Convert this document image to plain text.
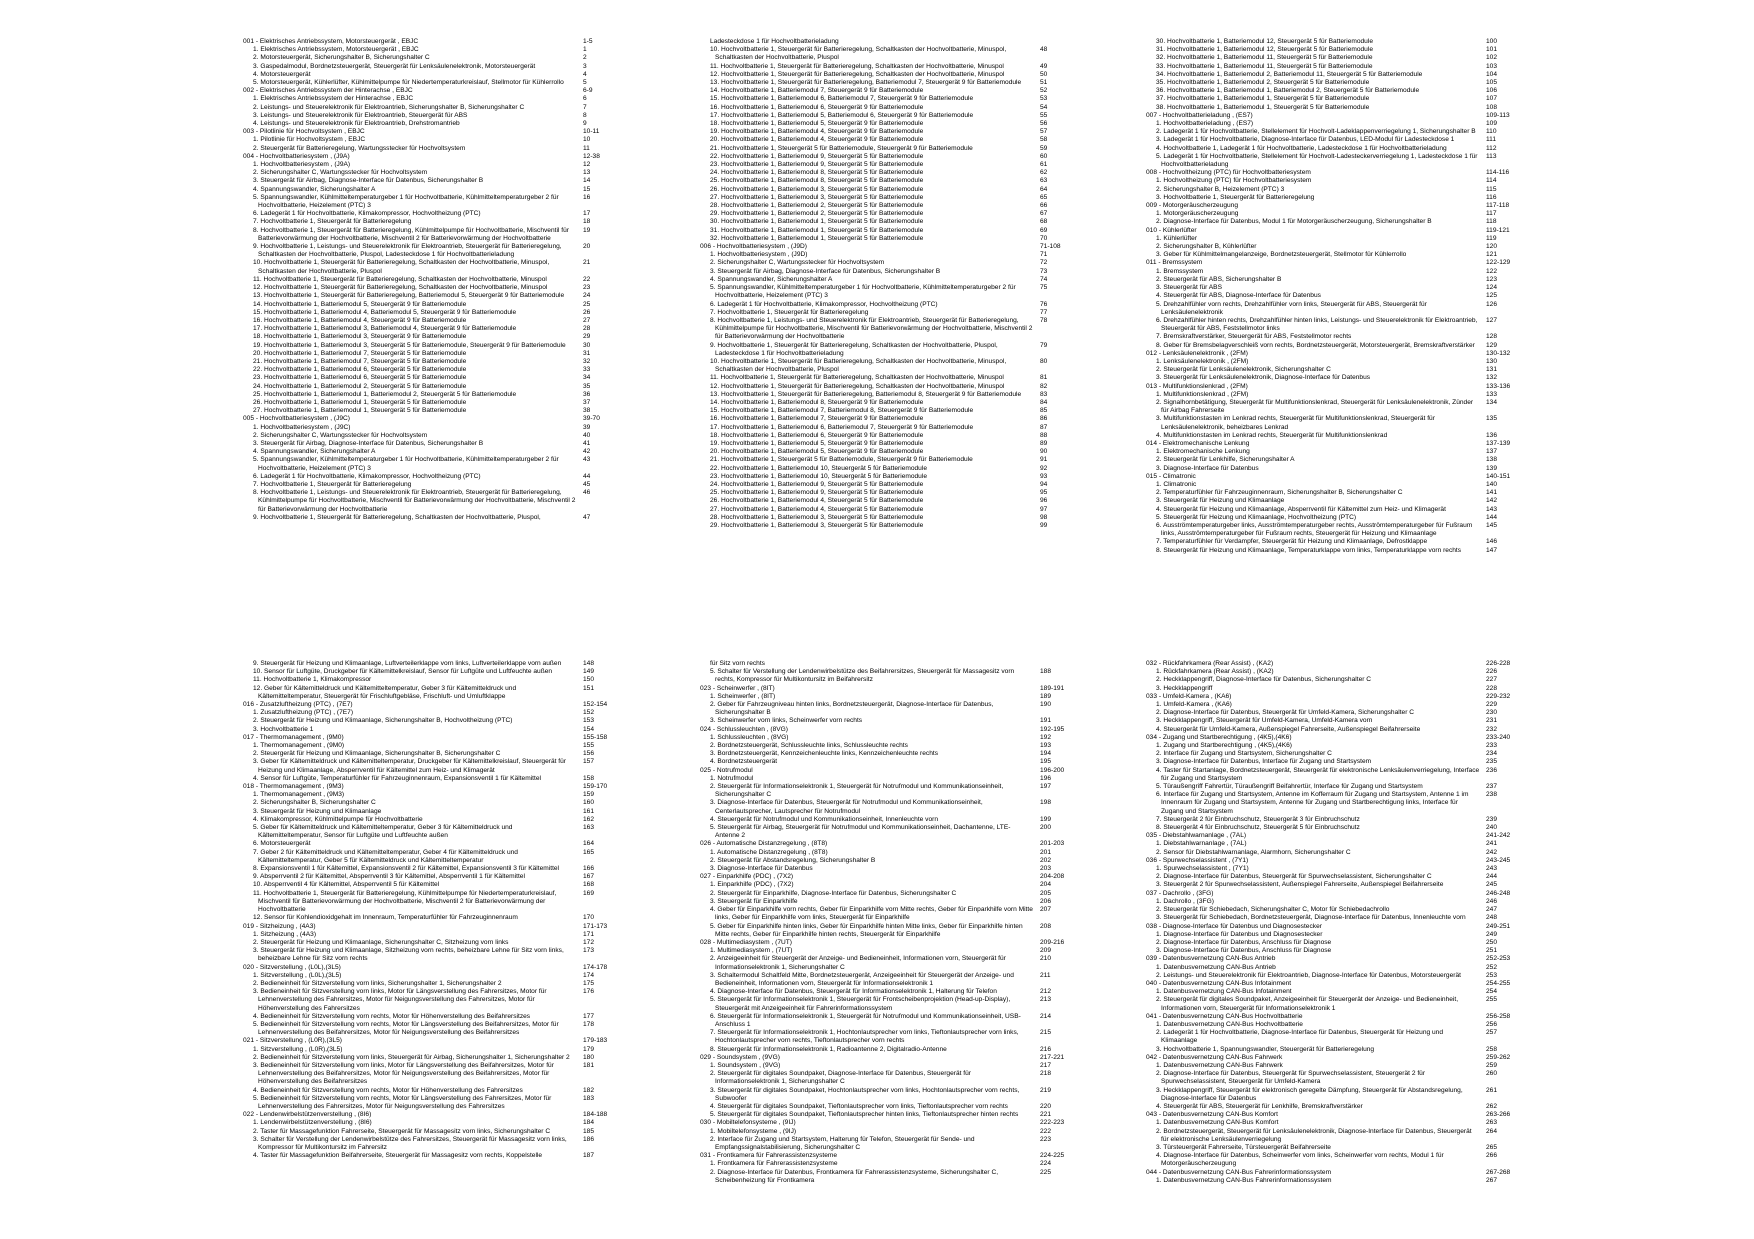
001 - Elektrisches Antriebssystem, Motorsteuergerät , EBJC	1-5
1. Elektrisches Antriebssystem, Motorsteuergerät , EBJC	1
2. Motorsteuergerät, Sicherungshalter B, Sicherungshalter C	2
3. Gaspedalmodul, Bordnetzsteuergerät, Steuergerät für Lenksäulenelektronik, Motorsteuergerät	3
4. Motorsteuergerät	4
5. Motorsteuergerät, Kühlerlüfter, Kühlmittelpumpe für Niedertemperaturkreislauf, Stellmotor für Kühlerrollo	5
002 - Elektrisches Antriebssystem der Hinterachse , EBJC	6-9
1. Elektrisches Antriebssystem der Hinterachse , EBJC	6
2. Leistungs- und Steuerelektronik für Elektroantrieb, Sicherungshalter B, Sicherungshalter C	7
3. Leistungs- und Steuerelektronik für Elektroantrieb, Steuergerät für ABS	8
4. Leistungs- und Steuerelektronik für Elektroantrieb, Drehstromantrieb	9
003 - Pilotlinie für Hochvoltsystem , EBJC	10-11
1. Pilotlinie für Hochvoltsystem , EBJC	10
2. Steuergerät für Batterieregelung, Wartungsstecker für Hochvoltsystem	11
004 - Hochvoltbatteriesystem , (J9A)	12-38
1. Hochvoltbatteriesystem , (J9A)	12
2. Sicherungshalter C, Wartungsstecker für Hochvoltsystem	13
3. Steuergerät für Airbag, Diagnose-Interface für Datenbus, Sicherungshalter B	14
4. Spannungswandler, Sicherungshalter A	15
5. Spannungswandler, Kühlmitteltemperaturgeber 1 für Hochvoltbatterie, Kühlmitteltemperaturgeber 2 für Hochvoltbatterie, Heizelement (PTC) 3
16
6. Ladegerät 1 für Hochvoltbatterie, Klimakompressor, Hochvoltheizung (PTC)	17
7. Hochvoltbatterie 1, Steuergerät für Batterieregelung	18
8. Hochvoltbatterie 1, Steuergerät für Batterieregelung, Kühlmittelpumpe für Hochvoltbatterie, Mischventil für Batterievorwärmung der Hochvoltbatterie, Mischventil 2 für Batterievorwärmung der Hochvoltbatterie
19
9. Hochvoltbatterie 1, Leistungs- und Steuerelektronik für Elektroantrieb, Steuergerät für Batterieregelung, Schaltkasten der Hochvoltbatterie, Pluspol, Ladesteckdose 1 für Hochvoltbatterieladung
20
10. Hochvoltbatterie 1, Steuergerät für Batterieregelung, Schaltkasten der Hochvoltbatterie, Minuspol, Schaltkasten der Hochvoltbatterie, Pluspol
21
11. Hochvoltbatterie 1, Steuergerät für Batterieregelung, Schaltkasten der Hochvoltbatterie, Minuspol	22
12. Hochvoltbatterie 1, Steuergerät für Batterieregelung, Schaltkasten der Hochvoltbatterie, Minuspol	23
13. Hochvoltbatterie 1, Steuergerät für Batterieregelung, Batteriemodul 5, Steuergerät 9 für Batteriemodule	24
14. Hochvoltbatterie 1, Batteriemodul 5, Steuergerät 9 für Batteriemodule	25
15. Hochvoltbatterie 1, Batteriemodul 4, Batteriemodul 5, Steuergerät 9 für Batteriemodule	26
16. Hochvoltbatterie 1, Batteriemodul 4, Steuergerät 9 für Batteriemodule	27
17. Hochvoltbatterie 1, Batteriemodul 3, Batteriemodul 4, Steuergerät 9 für Batteriemodule	28
18. Hochvoltbatterie 1, Batteriemodul 3, Steuergerät 9 für Batteriemodule	29
19. Hochvoltbatterie 1, Batteriemodul 3, Steuergerät 5 für Batteriemodule, Steuergerät 9 für Batteriemodule	30
20. Hochvoltbatterie 1, Batteriemodul 7, Steuergerät 5 für Batteriemodule	31
21. Hochvoltbatterie 1, Batteriemodul 7, Steuergerät 5 für Batteriemodule	32
22. Hochvoltbatterie 1, Batteriemodul 6, Steuergerät 5 für Batteriemodule	33
23. Hochvoltbatterie 1, Batteriemodul 6, Steuergerät 5 für Batteriemodule	34
24. Hochvoltbatterie 1, Batteriemodul 2, Steuergerät 5 für Batteriemodule	35
25. Hochvoltbatterie 1, Batteriemodul 1, Batteriemodul 2, Steuergerät 5 für Batteriemodule	36
26. Hochvoltbatterie 1, Batteriemodul 1, Steuergerät 5 für Batteriemodule	37
27. Hochvoltbatterie 1, Batteriemodul 1, Steuergerät 5 für Batteriemodule	38
005 - Hochvoltbatteriesystem , (J9C)	39-70
1. Hochvoltbatteriesystem , (J9C)	39
2. Sicherungshalter C, Wartungsstecker für Hochvoltsystem	40
3. Steuergerät für Airbag, Diagnose-Interface für Datenbus, Sicherungshalter B	41
4. Spannungswandler, Sicherungshalter A	42
5. Spannungswandler, Kühlmitteltemperaturgeber 1 für Hochvoltbatterie, Kühlmitteltemperaturgeber 2 für Hochvoltbatterie, Heizelement (PTC) 3
43
6. Ladegerät 1 für Hochvoltbatterie, Klimakompressor, Hochvoltheizung (PTC)	44
7. Hochvoltbatterie 1, Steuergerät für Batterieregelung	45
8. Hochvoltbatterie 1, Leistungs- und Steuerelektronik für Elektroantrieb, Steuergerät für Batterieregelung, Kühlmittelpumpe für Hochvoltbatterie, Mischventil für Batterievorwärmung der Hochvoltbatterie, Mischventil 2 für Batterievorwärmung der Hochvoltbatterie
46
9. Hochvoltbatterie 1, Steuergerät für Batterieregelung, Schaltkasten der Hochvoltbatterie, Pluspol,	47
Ladesteckdose 1 für Hochvoltbatterieladung
10. Hochvoltbatterie 1, Steuergerät für Batterieregelung, Schaltkasten der Hochvoltbatterie, Minuspol, Schaltkasten der Hochvoltbatterie, Pluspol
48
11. Hochvoltbatterie 1, Steuergerät für Batterieregelung, Schaltkasten der Hochvoltbatterie, Minuspol	49
12. Hochvoltbatterie 1, Steuergerät für Batterieregelung, Schaltkasten der Hochvoltbatterie, Minuspol	50
13. Hochvoltbatterie 1, Steuergerät für Batterieregelung, Batteriemodul 7, Steuergerät 9 für Batteriemodule	51
14. Hochvoltbatterie 1, Batteriemodul 7, Steuergerät 9 für Batteriemodule	52
15. Hochvoltbatterie 1, Batteriemodul 6, Batteriemodul 7, Steuergerät 9 für Batteriemodule	53
16. Hochvoltbatterie 1, Batteriemodul 6, Steuergerät 9 für Batteriemodule	54
17. Hochvoltbatterie 1, Batteriemodul 5, Batteriemodul 6, Steuergerät 9 für Batteriemodule	55
18. Hochvoltbatterie 1, Batteriemodul 5, Steuergerät 9 für Batteriemodule	56
19. Hochvoltbatterie 1, Batteriemodul 4, Steuergerät 9 für Batteriemodule	57
20. Hochvoltbatterie 1, Batteriemodul 4, Steuergerät 9 für Batteriemodule	58
21. Hochvoltbatterie 1, Steuergerät 5 für Batteriemodule, Steuergerät 9 für Batteriemodule	59
22. Hochvoltbatterie 1, Batteriemodul 9, Steuergerät 5 für Batteriemodule	60
23. Hochvoltbatterie 1, Batteriemodul 9, Steuergerät 5 für Batteriemodule	61
24. Hochvoltbatterie 1, Batteriemodul 8, Steuergerät 5 für Batteriemodule	62
25. Hochvoltbatterie 1, Batteriemodul 8, Steuergerät 5 für Batteriemodule	63
26. Hochvoltbatterie 1, Batteriemodul 3, Steuergerät 5 für Batteriemodule	64
27. Hochvoltbatterie 1, Batteriemodul 3, Steuergerät 5 für Batteriemodule	65
28. Hochvoltbatterie 1, Batteriemodul 2, Steuergerät 5 für Batteriemodule	66
29. Hochvoltbatterie 1, Batteriemodul 2, Steuergerät 5 für Batteriemodule	67
30. Hochvoltbatterie 1, Batteriemodul 1, Steuergerät 5 für Batteriemodule	68
31. Hochvoltbatterie 1, Batteriemodul 1, Steuergerät 5 für Batteriemodule	69
32. Hochvoltbatterie 1, Batteriemodul 1, Steuergerät 5 für Batteriemodule	70
006 - Hochvoltbatteriesystem , (J9D)	71-108
1. Hochvoltbatteriesystem , (J9D)	71
2. Sicherungshalter C, Wartungsstecker für Hochvoltsystem	72
3. Steuergerät für Airbag, Diagnose-Interface für Datenbus, Sicherungshalter B	73
4. Spannungswandler, Sicherungshalter A	74
5. Spannungswandler, Kühlmitteltemperaturgeber 1 für Hochvoltbatterie, Kühlmitteltemperaturgeber 2 für Hochvoltbatterie, Heizelement (PTC) 3
75
6. Ladegerät 1 für Hochvoltbatterie, Klimakompressor, Hochvoltheizung (PTC)	76
7. Hochvoltbatterie 1, Steuergerät für Batterieregelung	77
8. Hochvoltbatterie 1, Leistungs- und Steuerelektronik für Elektroantrieb, Steuergerät für Batterieregelung, Kühlmittelpumpe für Hochvoltbatterie, Mischventil für Batterievorwärmung der Hochvoltbatterie, Mischventil 2 für Batterievorwärmung der Hochvoltbatterie
78
9. Hochvoltbatterie 1, Steuergerät für Batterieregelung, Schaltkasten der Hochvoltbatterie, Pluspol, Ladesteckdose 1 für Hochvoltbatterieladung
79
10. Hochvoltbatterie 1, Steuergerät für Batterieregelung, Schaltkasten der Hochvoltbatterie, Minuspol, Schaltkasten der Hochvoltbatterie, Pluspol
80
11. Hochvoltbatterie 1, Steuergerät für Batterieregelung, Schaltkasten der Hochvoltbatterie, Minuspol	81
12. Hochvoltbatterie 1, Steuergerät für Batterieregelung, Schaltkasten der Hochvoltbatterie, Minuspol	82
13. Hochvoltbatterie 1, Steuergerät für Batterieregelung, Batteriemodul 8, Steuergerät 9 für Batteriemodule	83
14. Hochvoltbatterie 1, Batteriemodul 8, Steuergerät 9 für Batteriemodule	84
15. Hochvoltbatterie 1, Batteriemodul 7, Batteriemodul 8, Steuergerät 9 für Batteriemodule	85
16. Hochvoltbatterie 1, Batteriemodul 7, Steuergerät 9 für Batteriemodule	86
17. Hochvoltbatterie 1, Batteriemodul 6, Batteriemodul 7, Steuergerät 9 für Batteriemodule	87
18. Hochvoltbatterie 1, Batteriemodul 6, Steuergerät 9 für Batteriemodule	88
19. Hochvoltbatterie 1, Batteriemodul 5, Steuergerät 9 für Batteriemodule	89
20. Hochvoltbatterie 1, Batteriemodul 5, Steuergerät 9 für Batteriemodule	90
21. Hochvoltbatterie 1, Steuergerät 5 für Batteriemodule, Steuergerät 9 für Batteriemodule	91
22. Hochvoltbatterie 1, Batteriemodul 10, Steuergerät 5 für Batteriemodule	92
23. Hochvoltbatterie 1, Batteriemodul 10, Steuergerät 5 für Batteriemodule	93
24. Hochvoltbatterie 1, Batteriemodul 9, Steuergerät 5 für Batteriemodule	94
25. Hochvoltbatterie 1, Batteriemodul 9, Steuergerät 5 für Batteriemodule	95
26. Hochvoltbatterie 1, Batteriemodul 4, Steuergerät 5 für Batteriemodule	96
27. Hochvoltbatterie 1, Batteriemodul 4, Steuergerät 5 für Batteriemodule	97
28. Hochvoltbatterie 1, Batteriemodul 3, Steuergerät 5 für Batteriemodule	98
29. Hochvoltbatterie 1, Batteriemodul 3, Steuergerät 5 für Batteriemodule	99
30. Hochvoltbatterie 1, Batteriemodul 12, Steuergerät 5 für Batteriemodule	100
31. Hochvoltbatterie 1, Batteriemodul 12, Steuergerät 5 für Batteriemodule	101
32. Hochvoltbatterie 1, Batteriemodul 11, Steuergerät 5 für Batteriemodule	102
33. Hochvoltbatterie 1, Batteriemodul 11, Steuergerät 5 für Batteriemodule	103
34. Hochvoltbatterie 1, Batteriemodul 2, Batteriemodul 11, Steuergerät 5 für Batteriemodule	104
35. Hochvoltbatterie 1, Batteriemodul 2, Steuergerät 5 für Batteriemodule	105
36. Hochvoltbatterie 1, Batteriemodul 1, Batteriemodul 2, Steuergerät 5 für Batteriemodule	106
37. Hochvoltbatterie 1, Batteriemodul 1, Steuergerät 5 für Batteriemodule	107
38. Hochvoltbatterie 1, Batteriemodul 1, Steuergerät 5 für Batteriemodule	108
007 - Hochvoltbatterieladung , (ES7)	109-113
1. Hochvoltbatterieladung , (ES7)	109
2. Ladegerät 1 für Hochvoltbatterie, Stellelement für Hochvolt-Ladeklappenverriegelung 1, Sicherungshalter B	110
3. Ladegerät 1 für Hochvoltbatterie, Diagnose-Interface für Datenbus, LED-Modul für Ladesteckdose 1	111
4. Hochvoltbatterie 1, Ladegerät 1 für Hochvoltbatterie, Ladesteckdose 1 für Hochvoltbatterieladung	112
5. Ladegerät 1 für Hochvoltbatterie, Stellelement für Hochvolt-Ladesteckerverriegelung 1, Ladesteckdose 1 für Hochvoltbatterieladung
113
008 - Hochvoltheizung (PTC) für Hochvoltbatteriesystem	114-116
1. Hochvoltheizung (PTC) für Hochvoltbatteriesystem	114
2. Sicherungshalter B, Heizelement (PTC) 3	115
3. Hochvoltbatterie 1, Steuergerät für Batterieregelung	116
009 - Motorgeräuscherzeugung	117-118
1. Motorgeräuscherzeugung	117
2. Diagnose-Interface für Datenbus, Modul 1 für Motorgeräuscherzeugung, Sicherungshalter B	118
010 - Kühlerlüfter	119-121
1. Kühlerlüfter	119
2. Sicherungshalter B, Kühlerlüfter	120
3. Geber für Kühlmittelmangelanzeige, Bordnetzsteuergerät, Stellmotor für Kühlerrollo	121
011 - Bremssystem	122-129
1. Bremssystem	122
2. Steuergerät für ABS, Sicherungshalter B	123
3. Steuergerät für ABS	124
4. Steuergerät für ABS, Diagnose-Interface für Datenbus	125
5. Drehzahlfühler vorn rechts, Drehzahlfühler vorn links, Steuergerät für ABS, Steuergerät für Lenksäulenelektronik
126
6. Drehzahlfühler hinten rechts, Drehzahlfühler hinten links, Leistungs- und Steuerelektronik für Elektroantrieb, Steuergerät für ABS, Feststellmotor links
127
7. Bremskraftverstärker, Steuergerät für ABS, Feststellmotor rechts	128
8. Geber für Bremsbelagverschleiß vorn rechts, Bordnetzsteuergerät, Motorsteuergerät, Bremskraftverstärker	129
012 - Lenksäulenelektronik , (2FM)	130-132
1. Lenksäulenelektronik , (2FM)	130
2. Steuergerät für Lenksäulenelektronik, Sicherungshalter C	131
3. Steuergerät für Lenksäulenelektronik, Diagnose-Interface für Datenbus	132
013 - Multifunktionslenkrad , (2FM)	133-136
1. Multifunktionslenkrad , (2FM)	133
2. Signalhornbetätigung, Steuergerät für Multifunktionslenkrad, Steuergerät für Lenksäulenelektronik, Zünder für Airbag Fahrerseite
134
3. Multifunktionstasten im Lenkrad rechts, Steuergerät für Multifunktionslenkrad, Steuergerät für Lenksäulenelektronik, beheizbares Lenkrad
135
4. Multifunktionstasten im Lenkrad rechts, Steuergerät für Multifunktionslenkrad	136
014 - Elektromechanische Lenkung	137-139
1. Elektromechanische Lenkung	137
2. Steuergerät für Lenkhilfe, Sicherungshalter A	138
3. Diagnose-Interface für Datenbus	139
015 - Climatronic	140-151
1. Climatronic	140
2. Temperaturfühler für Fahrzeuginnenraum, Sicherungshalter B, Sicherungshalter C	141
3. Steuergerät für Heizung und Klimaanlage	142
4. Steuergerät für Heizung und Klimaanlage, Absperrventil für Kältemittel zum Heiz- und Klimagerät	143
5. Steuergerät für Heizung und Klimaanlage, Hochvoltheizung (PTC)	144
6. Ausströmtemperaturgeber links, Ausströmtemperaturgeber rechts, Ausströmtemperaturgeber für Fußraum links, Ausströmtemperaturgeber für Fußraum rechts, Steuergerät für Heizung und Klimaanlage
145
7. Temperaturfühler für Verdampfer, Steuergerät für Heizung und Klimaanlage, Defrostklappe	146
8. Steuergerät für Heizung und Klimaanlage, Temperaturklappe vorn links, Temperaturklappe vorn rechts	147
9. Steuergerät für Heizung und Klimaanlage, Luftverteilerklappe vorn links, Luftverteilerklappe vorn außen	148
10. Sensor für Luftgüte, Druckgeber für Kältemittelkreislauf, Sensor für Luftgüte und Luftfeuchte außen	149
11. Hochvoltbatterie 1, Klimakompressor	150
12. Geber für Kältemitteldruck und Kältemitteltemperatur, Geber 3 für Kältemitteldruck und Kältemitteltemperatur, Steuergerät für Frischluftgebläse, Frischluft- und Umluftklappe
151
016 - Zusatzluftheizung (PTC) , (7E7)	152-154
1. Zusatzluftheizung (PTC) , (7E7)	152
2. Steuergerät für Heizung und Klimaanlage, Sicherungshalter B, Hochvoltheizung (PTC)	153
3. Hochvoltbatterie 1	154
017 - Thermomanagement , (9M0)	155-158
1. Thermomanagement , (9M0)	155
2. Steuergerät für Heizung und Klimaanlage, Sicherungshalter B, Sicherungshalter C	156
3. Geber für Kältemitteldruck und Kältemitteltemperatur, Druckgeber für Kältemittelkreislauf, Steuergerät für Heizung und Klimaanlage, Absperrventil für Kältemittel zum Heiz- und Klimagerät
157
4. Sensor für Luftgüte, Temperaturfühler für Fahrzeuginnenraum, Expansionsventil 1 für Kältemittel	158
018 - Thermomanagement , (9M3)	159-170
1. Thermomanagement , (9M3)	159
2. Sicherungshalter B, Sicherungshalter C	160
3. Steuergerät für Heizung und Klimaanlage	161
4. Klimakompressor, Kühlmittelpumpe für Hochvoltbatterie	162
5. Geber für Kältemitteldruck und Kältemitteltemperatur, Geber 3 für Kältemitteldruck und Kältemitteltemperatur, Sensor für Luftgüte und Luftfeuchte außen
163
6. Motorsteuergerät	164
7. Geber 2 für Kältemitteldruck und Kältemitteltemperatur, Geber 4 für Kältemitteldruck und Kältemitteltemperatur, Geber 5 für Kältemitteldruck und Kältemitteltemperatur
165
8. Expansionsventil 1 für Kältemittel, Expansionsventil 2 für Kältemittel, Expansionsventil 3 für Kältemittel	166
9. Absperrventil 2 für Kältemittel, Absperrventil 3 für Kältemittel, Absperrventil 1 für Kältemittel	167
10. Absperrventil 4 für Kältemittel, Absperrventil 5 für Kältemittel	168
11. Hochvoltbatterie 1, Steuergerät für Batterieregelung, Kühlmittelpumpe für Niedertemperaturkreislauf, Mischventil für Batterievorwärmung der Hochvoltbatterie, Mischventil 2 für Batterievorwärmung der Hochvoltbatterie
169
12. Sensor für Kohlendioxidgehalt im Innenraum, Temperaturfühler für Fahrzeuginnenraum	170
019 - Sitzheizung , (4A3)	171-173
1. Sitzheizung , (4A3)	171
2. Steuergerät für Heizung und Klimaanlage, Sicherungshalter C, Sitzheizung vorn links	172
3. Steuergerät für Heizung und Klimaanlage, Sitzheizung vorn rechts, beheizbare Lehne für Sitz vorn links, beheizbare Lehne für Sitz vorn rechts
173
020 - Sitzverstellung , (L0L),(3L5)	174-178
1. Sitzverstellung , (L0L),(3L5)	174
2. Bedieneinheit für Sitzverstellung vorn links, Sicherungshalter 1, Sicherungshalter 2	175
3. Bedieneinheit für Sitzverstellung vorn links, Motor für Längsverstellung des Fahrersitzes, Motor für Lehnenverstellung des Fahrersitzes, Motor für Neigungsverstellung des Fahrersitzes, Motor für Höhenverstellung des Fahrersitzes
176
4. Bedieneinheit für Sitzverstellung vorn rechts, Motor für Höhenverstellung des Beifahrersitzes	177
5. Bedieneinheit für Sitzverstellung vorn rechts, Motor für Längsverstellung des Beifahrersitzes, Motor für Lehnenverstellung des Beifahrersitzes, Motor für Neigungsverstellung des Beifahrersitzes
178
021 - Sitzverstellung , (L0R),(3L5)	179-183
1. Sitzverstellung , (L0R),(3L5)	179
2. Bedieneinheit für Sitzverstellung vorn links, Steuergerät für Airbag, Sicherungshalter 1, Sicherungshalter 2	180
3. Bedieneinheit für Sitzverstellung vorn links, Motor für Längsverstellung des Beifahrersitzes, Motor für Lehnenverstellung des Beifahrersitzes, Motor für Neigungsverstellung des Beifahrersitzes, Motor für Höhenverstellung des Beifahrersitzes
181
4. Bedieneinheit für Sitzverstellung vorn rechts, Motor für Höhenverstellung des Fahrersitzes	182
5. Bedieneinheit für Sitzverstellung vorn rechts, Motor für Längsverstellung des Fahrersitzes, Motor für Lehnenverstellung des Fahrersitzes, Motor für Neigungsverstellung des Fahrersitzes
183
022 - Lendenwirbelstützenverstellung , (8I6)	184-188
1. Lendenwirbelstützenverstellung , (8I6)	184
2. Taster für Massagefunktion Fahrerseite, Steuergerät für Massagesitz vorn links, Sicherungshalter C	185
3. Schalter für Verstellung der Lendenwirbelstütze des Fahrersitzes, Steuergerät für Massagesitz vorn links, Kompressor für Multikontursitz im Fahrersitz
186
4. Taster für Massagefunktion Beifahrerseite, Steuergerät für Massagesitz vorn rechts, Koppelstelle	187
für Sitz vorn rechts
5. Schalter für Verstellung der Lendenwirbelstütze des Beifahrersitzes, Steuergerät für Massagesitz vorn rechts, Kompressor für Multikontursitz im Beifahrersitz
188
023 - Scheinwerfer , (8IT)	189-191
1. Scheinwerfer , (8IT)	189
2. Geber für Fahrzeugniveau hinten links, Bordnetzsteuergerät, Diagnose-Interface für Datenbus, Sicherungshalter B
190
3. Scheinwerfer vorn links, Scheinwerfer vorn rechts	191
024 - Schlussleuchten , (8VG)	192-195
1. Schlussleuchten , (8VG)	192
2. Bordnetzsteuergerät, Schlussleuchte links, Schlussleuchte rechts	193
3. Bordnetzsteuergerät, Kennzeichenleuchte links, Kennzeichenleuchte rechts	194
4. Bordnetzsteuergerät	195
025 - Notrufmodul	196-200
1. Notrufmodul	196
2. Steuergerät für Informationselektronik 1, Steuergerät für Notrufmodul und Kommunikationseinheit, Sicherungshalter C
197
3. Diagnose-Interface für Datenbus, Steuergerät für Notrufmodul und Kommunikationseinheit, Centerlautsprecher, Lautsprecher für Notrufmodul
198
4. Steuergerät für Notrufmodul und Kommunikationseinheit, Innenleuchte vorn	199
5. Steuergerät für Airbag, Steuergerät für Notrufmodul und Kommunikationseinheit, Dachantenne, LTE-Antenne 2
200
026 - Automatische Distanzregelung , (8T8)	201-203
1. Automatische Distanzregelung , (8T8)	201
2. Steuergerät für Abstandsregelung, Sicherungshalter B	202
3. Diagnose-Interface für Datenbus	203
027 - Einparkhilfe (PDC) , (7X2)	204-208
1. Einparkhilfe (PDC) , (7X2)	204
2. Steuergerät für Einparkhilfe, Diagnose-Interface für Datenbus, Sicherungshalter C	205
3. Steuergerät für Einparkhilfe	206
4. Geber für Einparkhilfe vorn rechts, Geber für Einparkhilfe vorn Mitte rechts, Geber für Einparkhilfe vorn Mitte links, Geber für Einparkhilfe vorn links, Steuergerät für Einparkhilfe
207
5. Geber für Einparkhilfe hinten links, Geber für Einparkhilfe hinten Mitte links, Geber für Einparkhilfe hinten Mitte rechts, Geber für Einparkhilfe hinten rechts, Steuergerät für Einparkhilfe
208
028 - Multimediasystem , (7UT)	209-216
1. Multimediasystem , (7UT)	209
2. Anzeigeeinheit für Steuergerät der Anzeige- und Bedieneinheit, Informationen vorn, Steuergerät für Informationselektronik 1, Sicherungshalter C
210
3. Schaltermodul Schaltfeld Mitte, Bordnetzsteuergerät, Anzeigeeinheit für Steuergerät der Anzeige- und Bedieneinheit, Informationen vorn, Steuergerät für Informationselektronik 1
211
4. Diagnose-Interface für Datenbus, Steuergerät für Informationselektronik 1, Halterung für Telefon	212
5. Steuergerät für Informationselektronik 1, Steuergerät für Frontscheibenprojektion (Head-up-Display), Steuergerät mit Anzeigeeinheit für Fahrerinformationssystem
213
6. Steuergerät für Informationselektronik 1, Steuergerät für Notrufmodul und Kommunikationseinheit, USB-Anschluss 1
214
7. Steuergerät für Informationselektronik 1, Hochtonlautsprecher vorn links, Tieftonlautsprecher vorn links, Hochtonlautsprecher vorn rechts, Tieftonlautsprecher vorn rechts
215
8. Steuergerät für Informationselektronik 1, Radioantenne 2, Digitalradio-Antenne	216
029 - Soundsystem , (9VG)	217-221
1. Soundsystem , (9VG)	217
2. Steuergerät für digitales Soundpaket, Diagnose-Interface für Datenbus, Steuergerät für Informationselektronik 1, Sicherungshalter C
218
3. Steuergerät für digitales Soundpaket, Hochtonlautsprecher vorn links, Hochtonlautsprecher vorn rechts, Subwoofer
219
4. Steuergerät für digitales Soundpaket, Tieftonlautsprecher vorn links, Tieftonlautsprecher vorn rechts	220
5. Steuergerät für digitales Soundpaket, Tieftonlautsprecher hinten links, Tieftonlautsprecher hinten rechts	221
030 - Mobiltelefonsysteme , (9IJ)	222-223
1. Mobiltelefonsysteme , (9IJ)	222
2. Interface für Zugang und Startsystem, Halterung für Telefon, Steuergerät für Sende- und Empfangssignalstabilisierung, Sicherungshalter C
223
031 - Frontkamera für Fahrerassistenzsysteme	224-225
1. Frontkamera für Fahrerassistenzsysteme	224
2. Diagnose-Interface für Datenbus, Frontkamera für Fahrerassistenzsysteme, Sicherungshalter C, Scheibenheizung für Frontkamera
225
032 - Rückfahrkamera (Rear Assist) , (KA2)	226-228
1. Rückfahrkamera (Rear Assist) , (KA2)	226
2. Heckklappengriff, Diagnose-Interface für Datenbus, Sicherungshalter C	227
3. Heckklappengriff	228
033 - Umfeld-Kamera , (KA6)	229-232
1. Umfeld-Kamera , (KA6)	229
2. Diagnose-Interface für Datenbus, Steuergerät für Umfeld-Kamera, Sicherungshalter C	230
3. Heckklappengriff, Steuergerät für Umfeld-Kamera, Umfeld-Kamera vorn	231
4. Steuergerät für Umfeld-Kamera, Außenspiegel Fahrerseite, Außenspiegel Beifahrerseite	232
034 - Zugang und Startberechtigung , (4K5),(4K6)	233-240
1. Zugang und Startberechtigung , (4K5),(4K6)	233
2. Interface für Zugang und Startsystem, Sicherungshalter C	234
3. Diagnose-Interface für Datenbus, Interface für Zugang und Startsystem	235
4. Taster für Startanlage, Bordnetzsteuergerät, Steuergerät für elektronische Lenksäulenverriegelung, Interface für Zugang und Startsystem
236
5. Türaußengriff Fahrertür, Türaußengriff Beifahrertür, Interface für Zugang und Startsystem	237
6. Interface für Zugang und Startsystem, Antenne im Kofferraum für Zugang und Startsystem, Antenne 1 im Innenraum für Zugang und Startsystem, Antenne für Zugang und Startberechtigung links, Interface für Zugang und Startsystem
238
7. Steuergerät 2 für Einbruchschutz, Steuergerät 3 für Einbruchschutz	239
8. Steuergerät 4 für Einbruchschutz, Steuergerät 5 für Einbruchschutz	240
035 - Diebstahlwarnanlage , (7AL)	241-242
1. Diebstahlwarnanlage , (7AL)	241
2. Sensor für Diebstahlwarnanlage, Alarmhorn, Sicherungshalter C	242
036 - Spurwechselassistent , (7Y1)	243-245
1. Spurwechselassistent , (7Y1)	243
2. Diagnose-Interface für Datenbus, Steuergerät für Spurwechselassistent, Sicherungshalter C	244
3. Steuergerät 2 für Spurwechselassistent, Außenspiegel Fahrerseite, Außenspiegel Beifahrerseite	245
037 - Dachrollo , (3FG)	246-248
1. Dachrollo , (3FG)	246
2. Steuergerät für Schiebedach, Sicherungshalter C, Motor für Schiebedachrollo	247
3. Steuergerät für Schiebedach, Bordnetzsteuergerät, Diagnose-Interface für Datenbus, Innenleuchte vorn	248
038 - Diagnose-Interface für Datenbus und Diagnosestecker	249-251
1. Diagnose-Interface für Datenbus und Diagnosestecker	249
2. Diagnose-Interface für Datenbus, Anschluss für Diagnose	250
3. Diagnose-Interface für Datenbus, Anschluss für Diagnose	251
039 - Datenbusvernetzung CAN-Bus Antrieb	252-253
1. Datenbusvernetzung CAN-Bus Antrieb	252
2. Leistungs- und Steuerelektronik für Elektroantrieb, Diagnose-Interface für Datenbus, Motorsteuergerät	253
040 - Datenbusvernetzung CAN-Bus Infotainment	254-255
1. Datenbusvernetzung CAN-Bus Infotainment	254
2. Steuergerät für digitales Soundpaket, Anzeigeeinheit für Steuergerät der Anzeige- und Bedieneinheit, Informationen vorn, Steuergerät für Informationselektronik 1
255
041 - Datenbusvernetzung CAN-Bus Hochvoltbatterie	256-258
1. Datenbusvernetzung CAN-Bus Hochvoltbatterie	256
2. Ladegerät 1 für Hochvoltbatterie, Diagnose-Interface für Datenbus, Steuergerät für Heizung und Klimaanlage
257
3. Hochvoltbatterie 1, Spannungswandler, Steuergerät für Batterieregelung	258
042 - Datenbusvernetzung CAN-Bus Fahrwerk	259-262
1. Datenbusvernetzung CAN-Bus Fahrwerk	259
2. Diagnose-Interface für Datenbus, Steuergerät für Spurwechselassistent, Steuergerät 2 für Spurwechselassistent, Steuergerät für Umfeld-Kamera
260
3. Heckklappengriff, Steuergerät für elektronisch geregelte Dämpfung, Steuergerät für Abstandsregelung, Diagnose-Interface für Datenbus
261
4. Steuergerät für ABS, Steuergerät für Lenkhilfe, Bremskraftverstärker	262
043 - Datenbusvernetzung CAN-Bus Komfort	263-266
1. Datenbusvernetzung CAN-Bus Komfort	263
2. Bordnetzsteuergerät, Steuergerät für Lenksäulenelektronik, Diagnose-Interface für Datenbus, Steuergerät für elektronische Lenksäulenverriegelung
264
3. Türsteuergerät Fahrerseite, Türsteuergerät Beifahrerseite	265
4. Diagnose-Interface für Datenbus, Scheinwerfer vorn links, Scheinwerfer vorn rechts, Modul 1 für Motorgeräuscherzeugung
266
044 - Datenbusvernetzung CAN-Bus Fahrerinformationssystem	267-268
1. Datenbusvernetzung CAN-Bus Fahrerinformationssystem	267
